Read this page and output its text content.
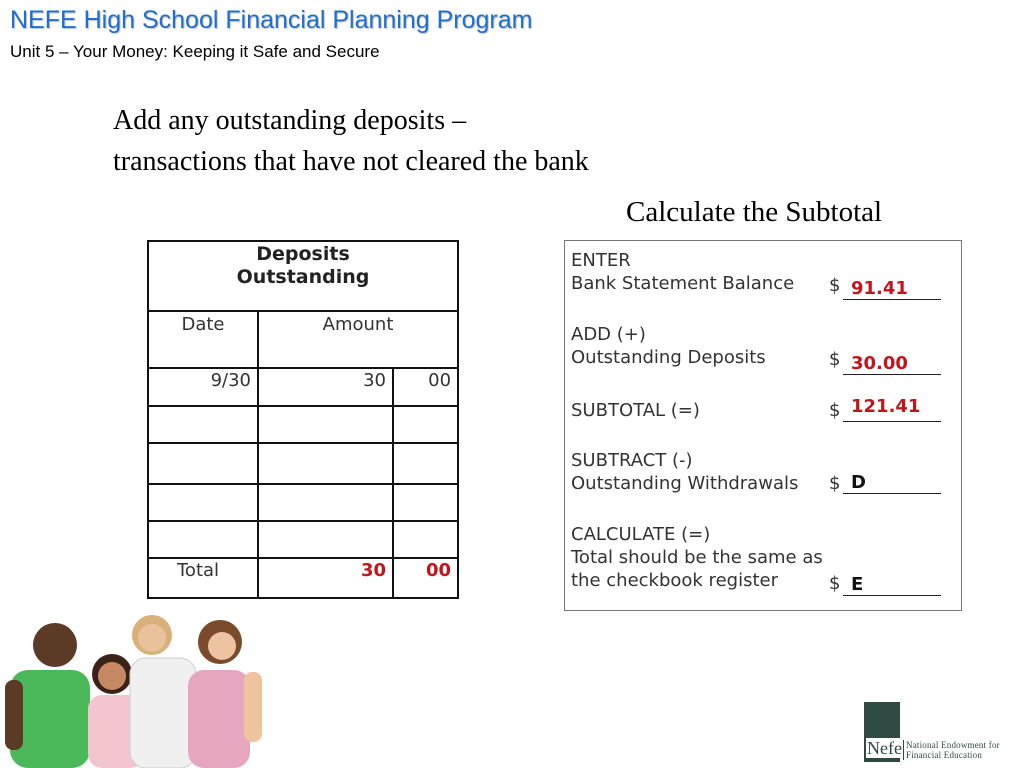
NEFE High School Financial Planning Program
Unit 5 – Your Money: Keeping it Safe and Secure
Add any outstanding deposits – transactions that have not cleared the bank
Calculate the Subtotal
Deposits
Outstanding		
Date	Amount	
9/30	30	00

Total	30	00
ENTER
Bank Statement Balance $ 91.41
ADD (+)
Outstanding Deposits	$ 30.00
SUBTOTAL (=)	$ 121.41
SUBTRACT (-)
Outstanding Withdrawals $ D
CALCULATE (=)
Total should be the same as
the checkbook register	$ E
Nefe National Endowment for
Financial Education
